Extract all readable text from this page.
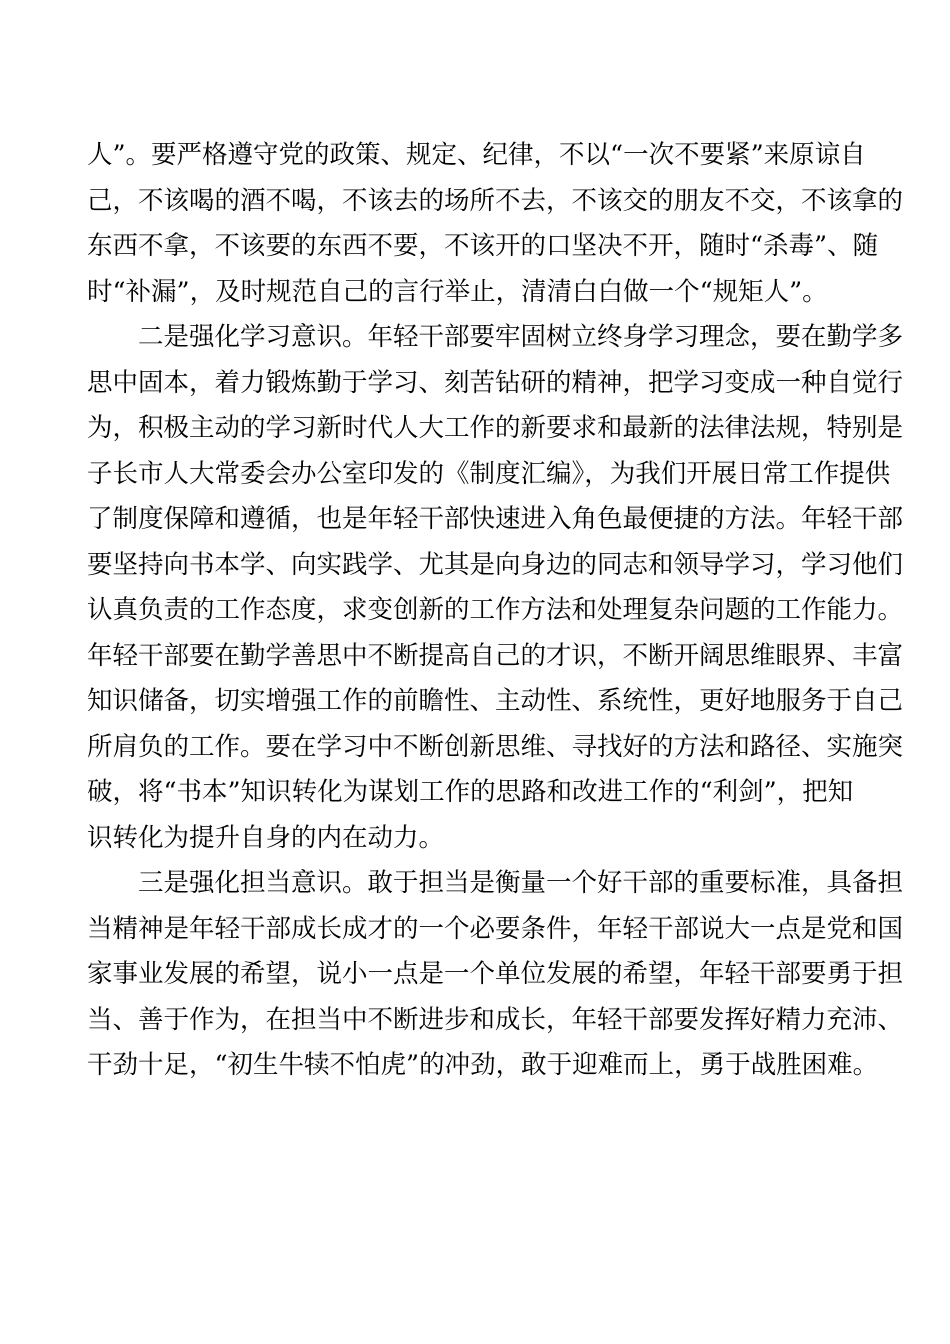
人”。要严格遵守党的政策、规定、纪律，不以“一次不要紧”来原谅自
己，不该喝的酒不喝，不该去的场所不去，不该交的朋友不交，不该拿的
东西不拿，不该要的东西不要，不该开的口坚决不开，随时“杀毒”、随
时“补漏”，及时规范自己的言行举止，清清白白做一个“规矩人”。
　　二是强化学习意识。年轻干部要牢固树立终身学习理念，要在勤学多
思中固本，着力锻炼勤于学习、刻苦钻研的精神，把学习变成一种自觉行
为，积极主动的学习新时代人大工作的新要求和最新的法律法规，特别是
子长市人大常委会办公室印发的《制度汇编》，为我们开展日常工作提供
了制度保障和遵循，也是年轻干部快速进入角色最便捷的方法。年轻干部
要坚持向书本学、向实践学、尤其是向身边的同志和领导学习，学习他们
认真负责的工作态度，求变创新的工作方法和处理复杂问题的工作能力。
年轻干部要在勤学善思中不断提高自己的才识，不断开阔思维眼界、丰富
知识储备，切实增强工作的前瞻性、主动性、系统性，更好地服务于自己
所肩负的工作。要在学习中不断创新思维、寻找好的方法和路径、实施突
破，将“书本”知识转化为谋划工作的思路和改进工作的“利剑”，把知
识转化为提升自身的内在动力。
　　三是强化担当意识。敢于担当是衡量一个好干部的重要标准，具备担
当精神是年轻干部成长成才的一个必要条件，年轻干部说大一点是党和国
家事业发展的希望，说小一点是一个单位发展的希望，年轻干部要勇于担
当、善于作为，在担当中不断进步和成长，年轻干部要发挥好精力充沛、
干劲十足，“初生牛犊不怕虎”的冲劲，敢于迎难而上，勇于战胜困难。
